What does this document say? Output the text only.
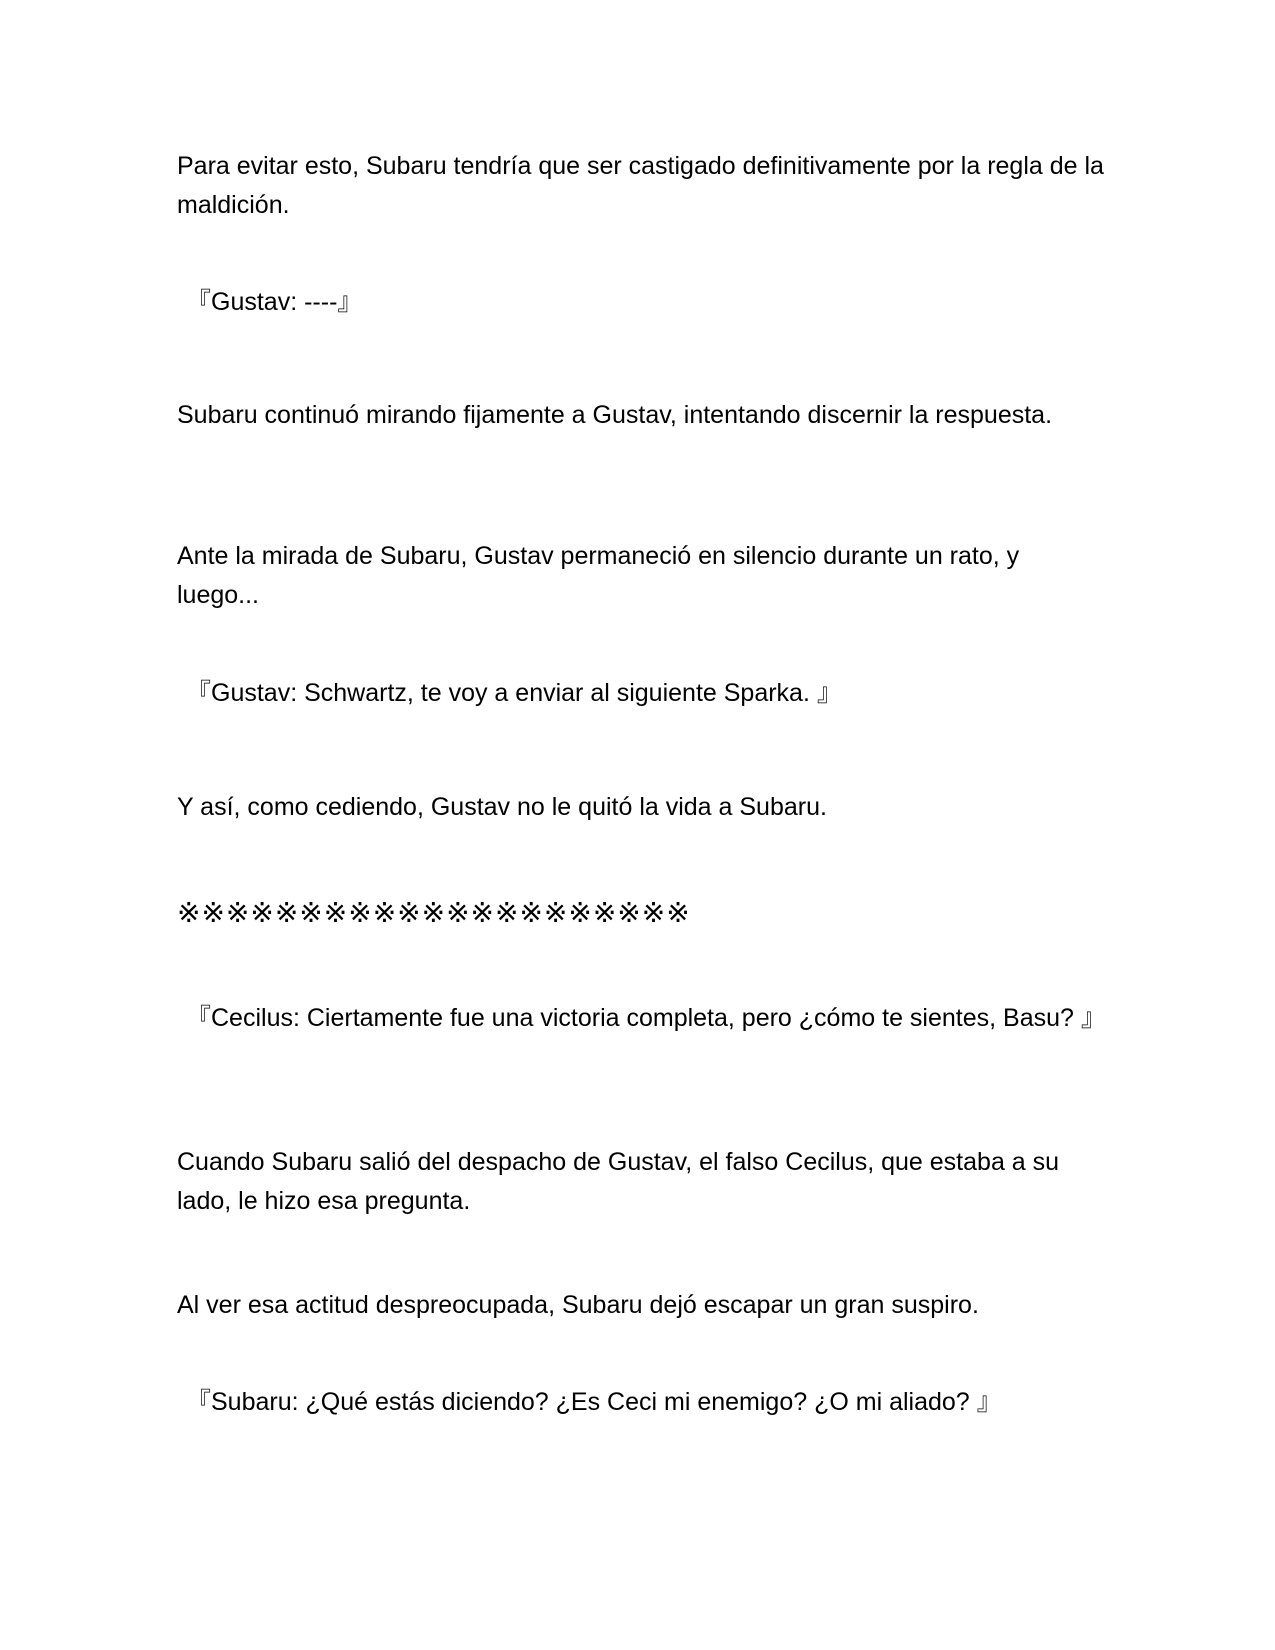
Para evitar esto, Subaru tendría que ser castigado definitivamente por la regla de la maldición.

『Gustav: ----』

Subaru continuó mirando fijamente a Gustav, intentando discernir la respuesta.

Ante la mirada de Subaru, Gustav permaneció en silencio durante un rato, y luego...

『Gustav: Schwartz, te voy a enviar al siguiente Sparka. 』

Y así, como cediendo, Gustav no le quitó la vida a Subaru.

※※※※※※※※※※※※※※※※※※※※※

『Cecilus: Ciertamente fue una victoria completa, pero ¿cómo te sientes, Basu? 』

Cuando Subaru salió del despacho de Gustav, el falso Cecilus, que estaba a su lado, le hizo esa pregunta.

Al ver esa actitud despreocupada, Subaru dejó escapar un gran suspiro.

『Subaru: ¿Qué estás diciendo? ¿Es Ceci mi enemigo? ¿O mi aliado? 』
